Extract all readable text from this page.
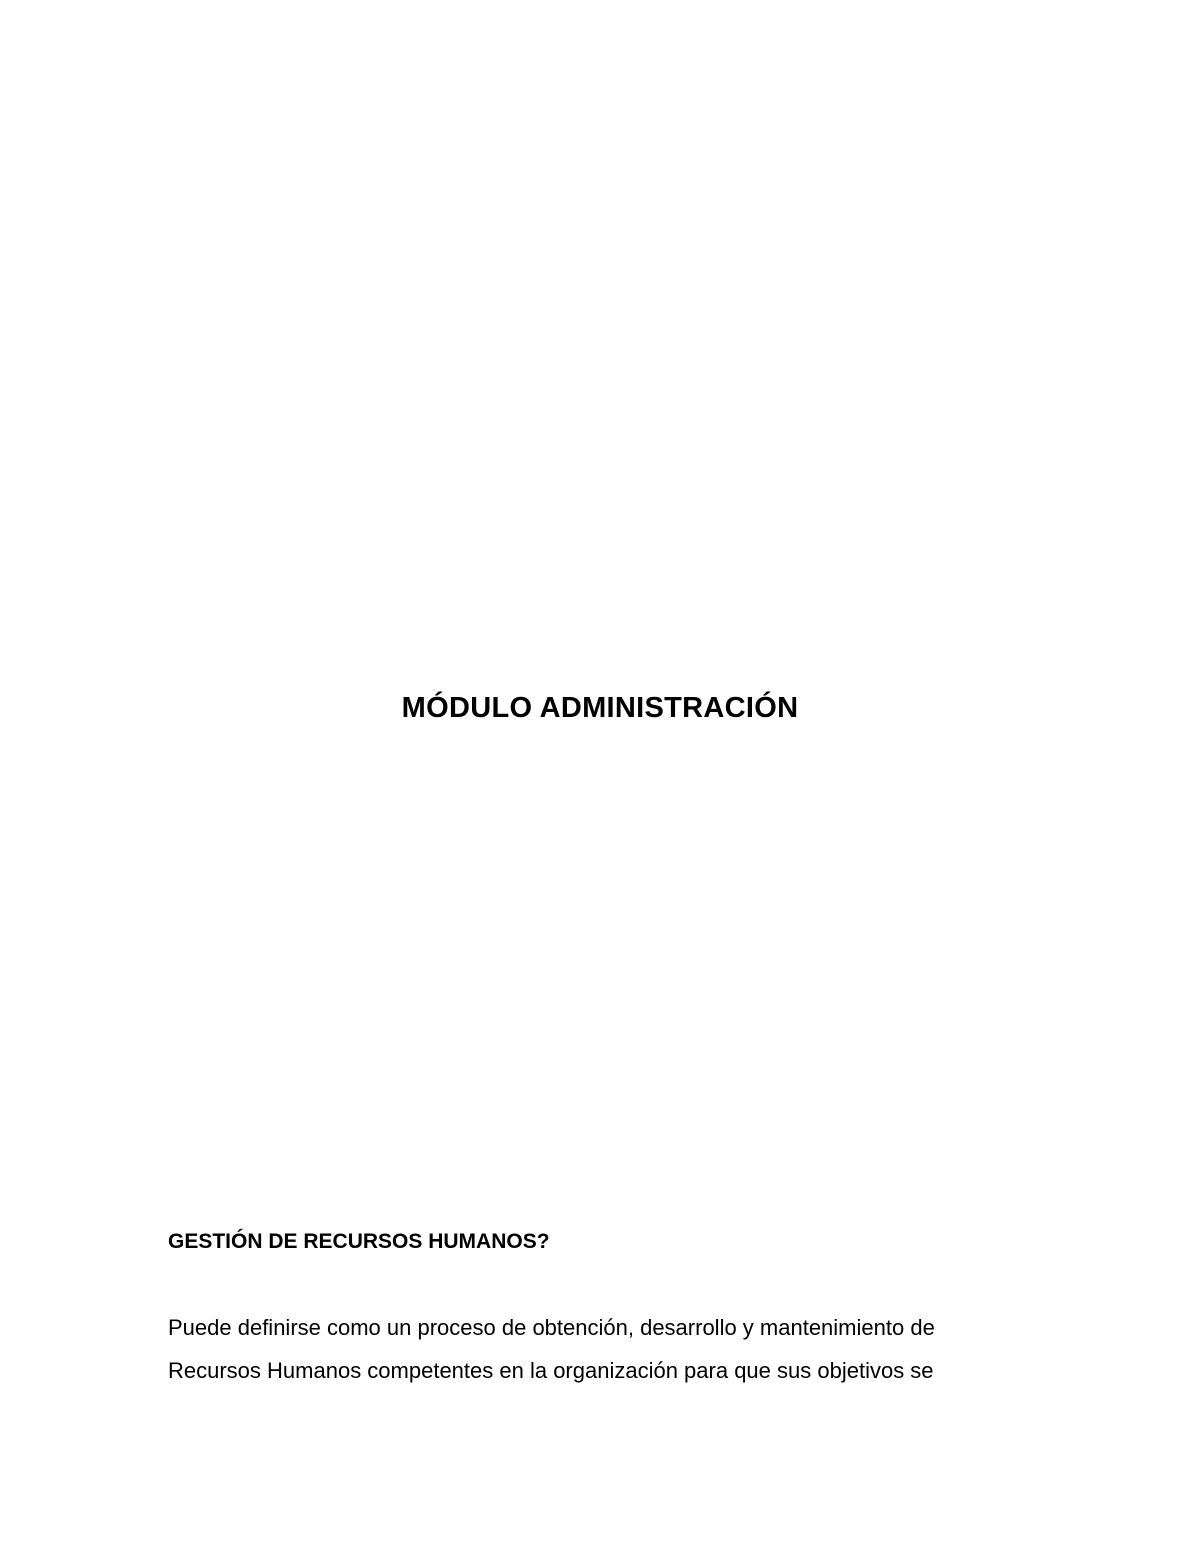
MÓDULO ADMINISTRACIÓN
GESTIÓN DE RECURSOS HUMANOS?

Puede definirse como un proceso de obtención, desarrollo y mantenimiento de
Recursos Humanos competentes en la organización para que sus objetivos se
